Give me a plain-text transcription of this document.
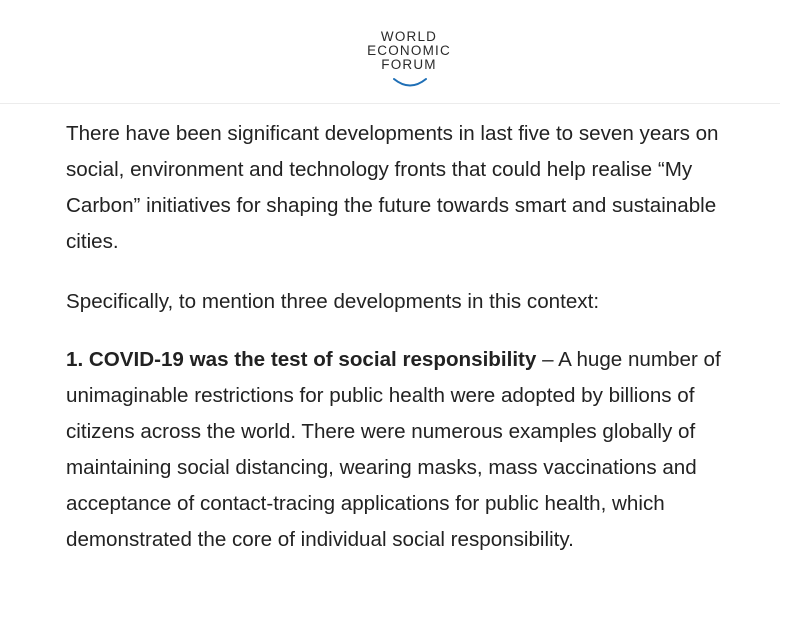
WORLD
ECONOMIC
FORUM

There have been significant developments in last five to seven years on social, environment and technology fronts that could help realise “My Carbon” initiatives for shaping the future towards smart and sustainable cities.

Specifically, to mention three developments in this context:

1. COVID-19 was the test of social responsibility – A huge number of unimaginable restrictions for public health were adopted by billions of citizens across the world. There were numerous examples globally of maintaining social distancing, wearing masks, mass vaccinations and acceptance of contact-tracing applications for public health, which demonstrated the core of individual social responsibility.
